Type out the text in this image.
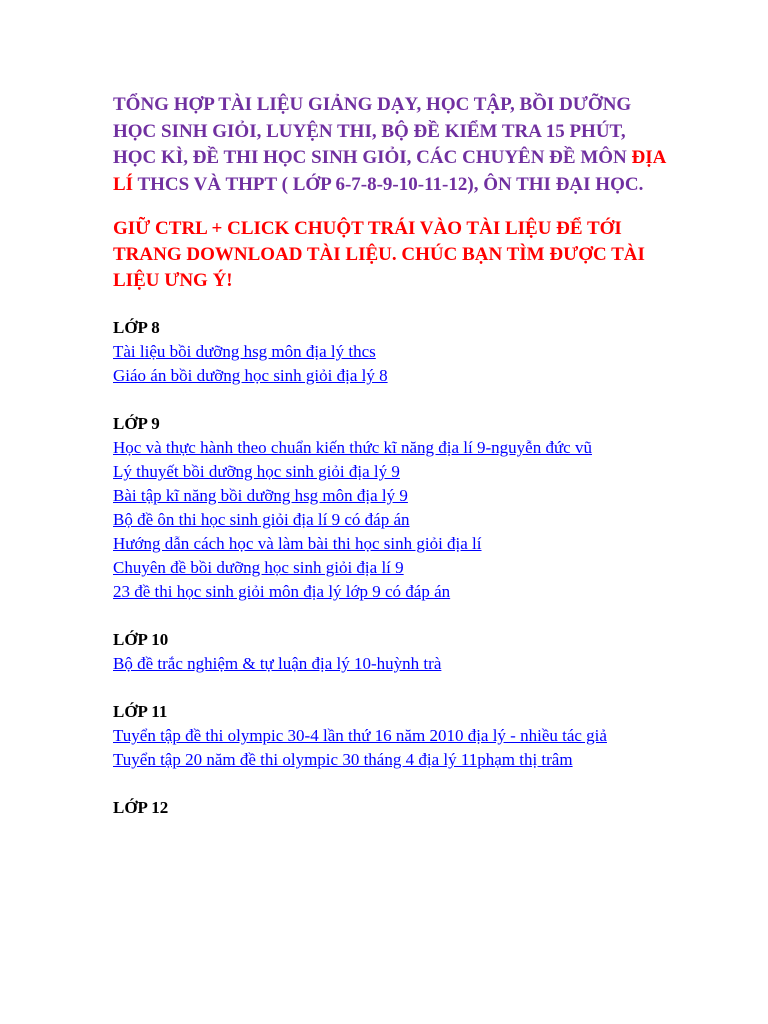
TỔNG HỢP TÀI LIỆU GIẢNG DẠY, HỌC TẬP, BỒI DƯỠNG HỌC SINH GIỎI, LUYỆN THI, BỘ ĐỀ KIỂM TRA 15 PHÚT, HỌC KÌ, ĐỀ THI HỌC SINH GIỎI, CÁC CHUYÊN ĐỀ MÔN ĐỊA LÍ THCS VÀ THPT ( LỚP 6-7-8-9-10-11-12), ÔN THI ĐẠI HỌC.

GIỮ CTRL + CLICK CHUỘT TRÁI VÀO TÀI LIỆU ĐỂ TỚI TRANG DOWNLOAD TÀI LIỆU. CHÚC BẠN TÌM ĐƯỢC TÀI LIỆU ƯNG Ý!

LỚP 8

Tài liệu bồi dưỡng hsg môn địa lý thcs
Giáo án bồi dưỡng học sinh giỏi địa lý 8

LỚP 9

Học và thực hành theo chuẩn kiến thức kĩ năng địa lí 9-nguyễn đức vũ
Lý thuyết bồi dưỡng học sinh giỏi địa lý 9
Bài tập kĩ năng bồi dưỡng hsg môn địa lý 9
Bộ đề ôn thi học sinh giỏi địa lí 9 có đáp án
Hướng dẫn cách học và làm bài thi học sinh giỏi địa lí
Chuyên đề bồi dưỡng học sinh giỏi địa lí 9
23 đề thi học sinh giỏi môn địa lý lớp 9 có đáp án

LỚP 10

Bộ đề trắc nghiệm & tự luận địa lý 10-huỳnh trà

LỚP 11

Tuyển tập đề thi olympic 30-4 lần thứ 16 năm 2010 địa lý - nhiều tác giả
Tuyển tập 20 năm đề thi olympic 30 tháng 4 địa lý 11phạm thị trâm

LỚP 12
